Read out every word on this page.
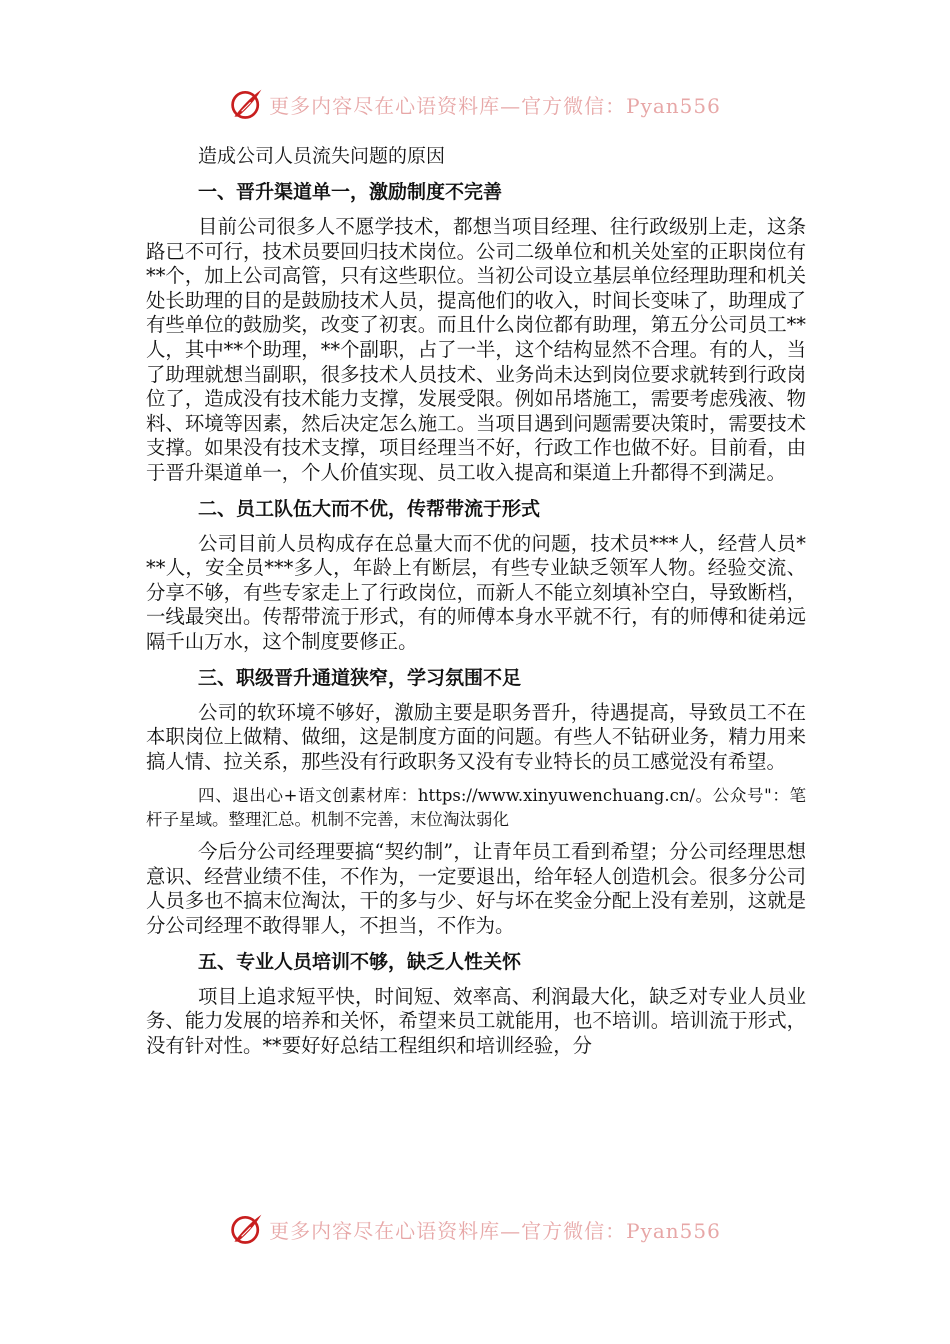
更多内容尽在心语资料库—官方微信：Pyan556

造成公司人员流失问题的原因

一、晋升渠道单一，激励制度不完善

目前公司很多人不愿学技术，都想当项目经理、往行政级别上走，这条路已不可行，技术员要回归技术岗位。公司二级单位和机关处室的正职岗位有**个，加上公司高管，只有这些职位。当初公司设立基层单位经理助理和机关处长助理的目的是鼓励技术人员，提高他们的收入，时间长变味了，助理成了有些单位的鼓励奖，改变了初衷。而且什么岗位都有助理，第五分公司员工**人，其中**个助理，**个副职，占了一半，这个结构显然不合理。有的人，当了助理就想当副职，很多技术人员技术、业务尚未达到岗位要求就转到行政岗位了，造成没有技术能力支撑，发展受限。例如吊塔施工，需要考虑残液、物料、环境等因素，然后决定怎么施工。当项目遇到问题需要决策时，需要技术支撑。如果没有技术支撑，项目经理当不好，行政工作也做不好。目前看，由于晋升渠道单一，个人价值实现、员工收入提高和渠道上升都得不到满足。

二、员工队伍大而不优，传帮带流于形式

公司目前人员构成存在总量大而不优的问题，技术员***人，经营人员***人，安全员***多人，年龄上有断层，有些专业缺乏领军人物。经验交流、分享不够，有些专家走上了行政岗位，而新人不能立刻填补空白，导致断档，一线最突出。传帮带流于形式，有的师傅本身水平就不行，有的师傅和徒弟远隔千山万水，这个制度要修正。

三、职级晋升通道狭窄，学习氛围不足

公司的软环境不够好，激励主要是职务晋升，待遇提高，导致员工不在本职岗位上做精、做细，这是制度方面的问题。有些人不钻研业务，精力用来搞人情、拉关系，那些没有行政职务又没有专业特长的员工感觉没有希望。

四、退出心+语文创素材库：https://www.xinyuwenchuang.cn/。公众号"：笔杆子星域。整理汇总。机制不完善，末位淘汰弱化

今后分公司经理要搞“契约制”，让青年员工看到希望；分公司经理思想意识、经营业绩不佳，不作为，一定要退出，给年轻人创造机会。很多分公司人员多也不搞末位淘汰，干的多与少、好与坏在奖金分配上没有差别，这就是分公司经理不敢得罪人，不担当，不作为。

五、专业人员培训不够，缺乏人性关怀

项目上追求短平快，时间短、效率高、利润最大化，缺乏对专业人员业务、能力发展的培养和关怀，希望来员工就能用，也不培训。培训流于形式，没有针对性。**要好好总结工程组织和培训经验，分

更多内容尽在心语资料库—官方微信：Pyan556
